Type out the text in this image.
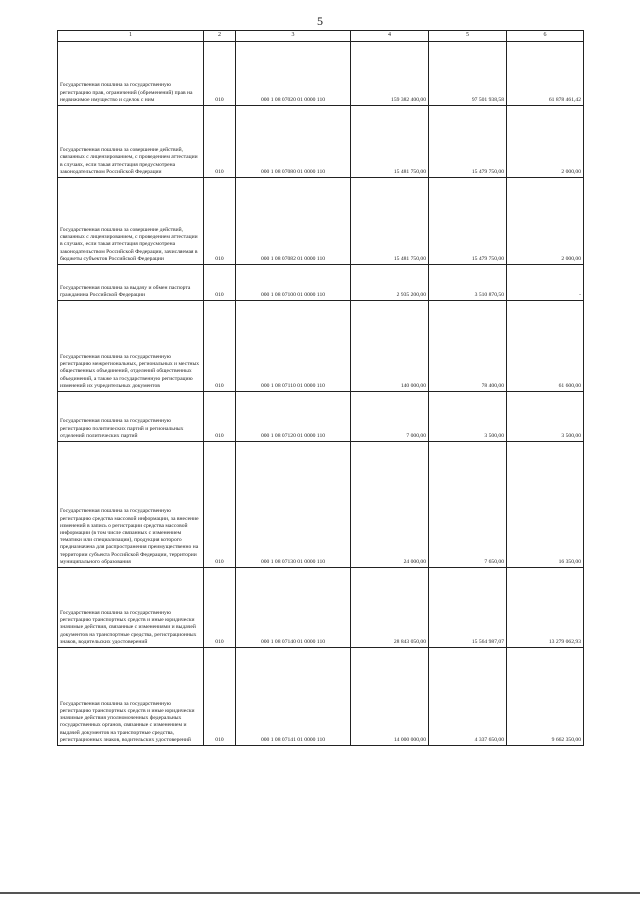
5
1	2	3	4	5	6
Государственная пошлина за государственную регистрацию прав, ограничений (обременений) прав на недвижимое имущество и сделок с ним	010	000 1 08 07020 01 0000 110	159 382 400,00	97 501 938,58	61 878 461,42
Государственная пошлина за совершение действий, связанных с лицензированием, с проведением аттестации в случаях, если такая аттестация предусмотрена законодательством Российской Федерации	010	000 1 08 07080 01 0000 110	15 481 750,00	15 479 750,00	2 000,00
Государственная пошлина за совершение действий, связанных с лицензированием, с проведением аттестации в случаях, если такая аттестация предусмотрена законодательством Российской Федерации, зачисляемая в бюджеты субъектов Российской Федерации	010	000 1 08 07082 01 0000 110	15 481 750,00	15 479 750,00	2 000,00
Государственная пошлина за выдачу и обмен паспорта гражданина Российской Федерации	010	000 1 08 07100 01 0000 110	2 935 200,00	3 510 870,50	-
Государственная пошлина за государственную регистрацию межрегиональных, региональных и местных общественных объединений, отделений общественных объединений, а также за государственную регистрацию изменений их учредительных документов	010	000 1 08 07110 01 0000 110	140 000,00	78 400,00	61 600,00
Государственная пошлина за государственную регистрацию политических партий и региональных отделений политических партий	010	000 1 08 07120 01 0000 110	7 000,00	3 500,00	3 500,00
Государственная пошлина за государственную регистрацию средства массовой информации, за внесение изменений в запись о регистрации средства массовой информации (в том числе связанных с изменением тематики или специализации), продукция которого предназначена для распространения преимущественно на территории субъекта Российской Федерации, территории муниципального образования	010	000 1 08 07130 01 0000 110	24 000,00	7 650,00	16 350,00
Государственная пошлина за государственную регистрацию транспортных средств и иные юридически значимые действия, связанные с изменениями и выдачей документов на транспортные средства, регистрационных знаков, водительских удостоверений	010	000 1 08 07140 01 0000 110	28 843 050,00	15 564 987,07	13 279 062,93
Государственная пошлина за государственную регистрацию транспортных средств и иные юридически значимые действия уполномоченных федеральных государственных органов, связанные с изменением и выдачей документов на транспортные средства, регистрационных знаков, водительских удостоверений	010	000 1 08 07141 01 0000 110	14 000 000,00	4 337 650,00	9 662 350,00
